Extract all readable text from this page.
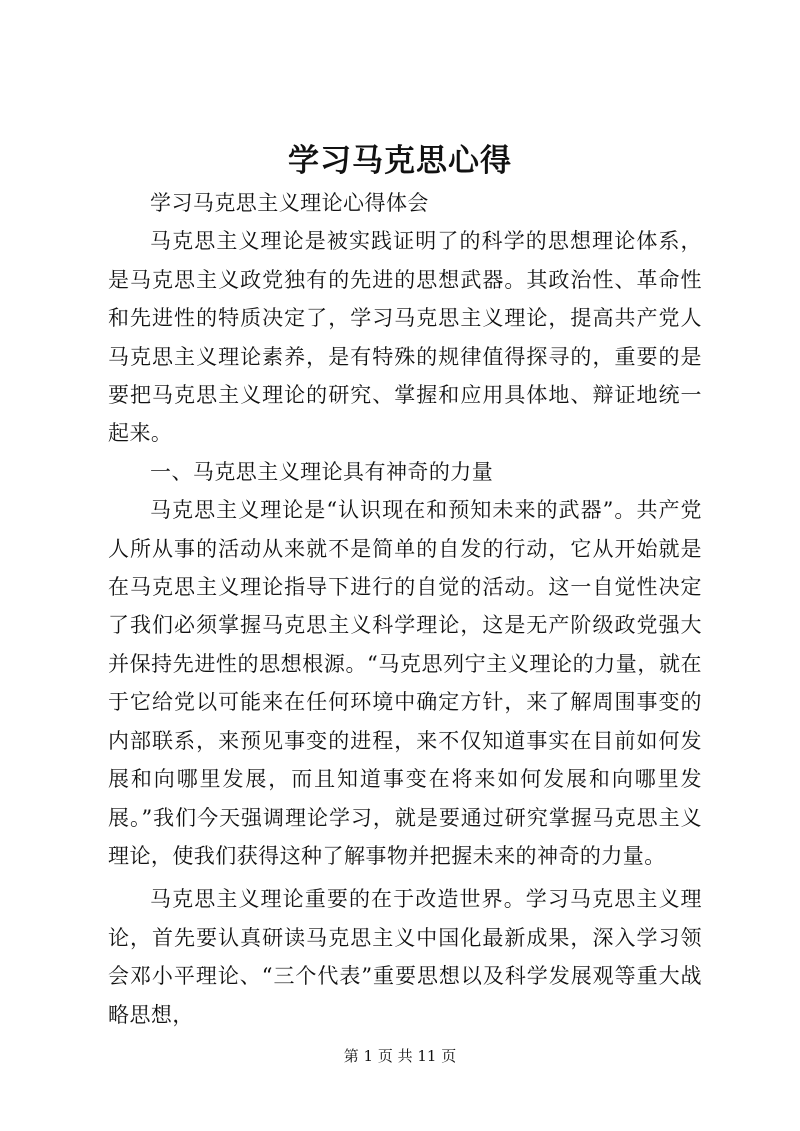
学习马克思心得

学习马克思主义理论心得体会

马克思主义理论是被实践证明了的科学的思想理论体系，是马克思主义政党独有的先进的思想武器。其政治性、革命性和先进性的特质决定了，学习马克思主义理论，提高共产党人马克思主义理论素养，是有特殊的规律值得探寻的，重要的是要把马克思主义理论的研究、掌握和应用具体地、辩证地统一起来。

一、马克思主义理论具有神奇的力量

马克思主义理论是“认识现在和预知未来的武器”。共产党人所从事的活动从来就不是简单的自发的行动，它从开始就是在马克思主义理论指导下进行的自觉的活动。这一自觉性决定了我们必须掌握马克思主义科学理论，这是无产阶级政党强大并保持先进性的思想根源。“马克思列宁主义理论的力量，就在于它给党以可能来在任何环境中确定方针，来了解周围事变的内部联系，来预见事变的进程，来不仅知道事实在目前如何发展和向哪里发展，而且知道事变在将来如何发展和向哪里发展。”我们今天强调理论学习，就是要通过研究掌握马克思主义理论，使我们获得这种了解事物并把握未来的神奇的力量。

马克思主义理论重要的在于改造世界。学习马克思主义理论，首先要认真研读马克思主义中国化最新成果，深入学习领会邓小平理论、“三个代表”重要思想以及科学发展观等重大战略思想，

第 1 页 共 11 页
